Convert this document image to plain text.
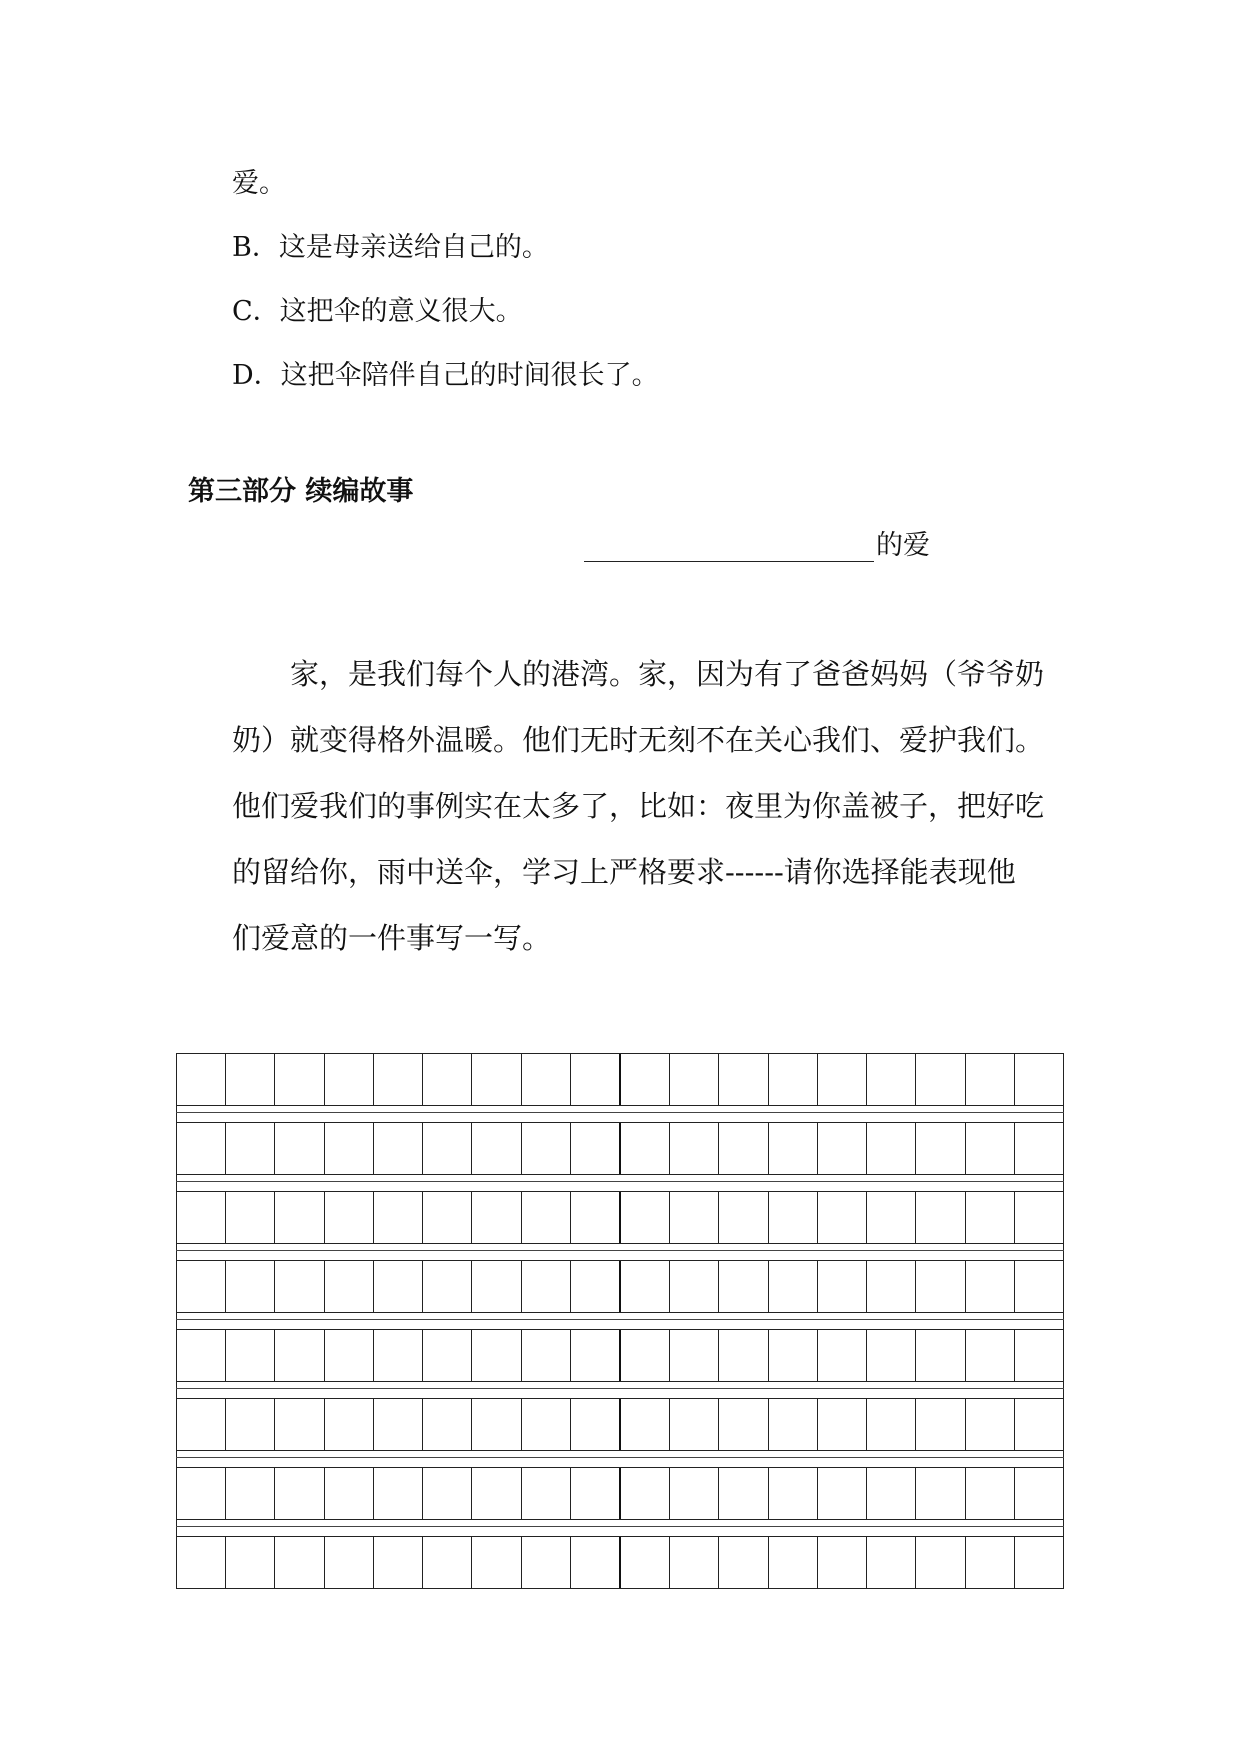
爱。
B．这是母亲送给自己的。
C．这把伞的意义很大。
D．这把伞陪伴自己的时间很长了。
第三部分 续编故事
的爱
家，是我们每个人的港湾。家，因为有了爸爸妈妈（爷爷奶
奶）就变得格外温暖。他们无时无刻不在关心我们、爱护我们。
他们爱我们的事例实在太多了，比如：夜里为你盖被子，把好吃
的留给你，雨中送伞，学习上严格要求------请你选择能表现他
们爱意的一件事写一写。
